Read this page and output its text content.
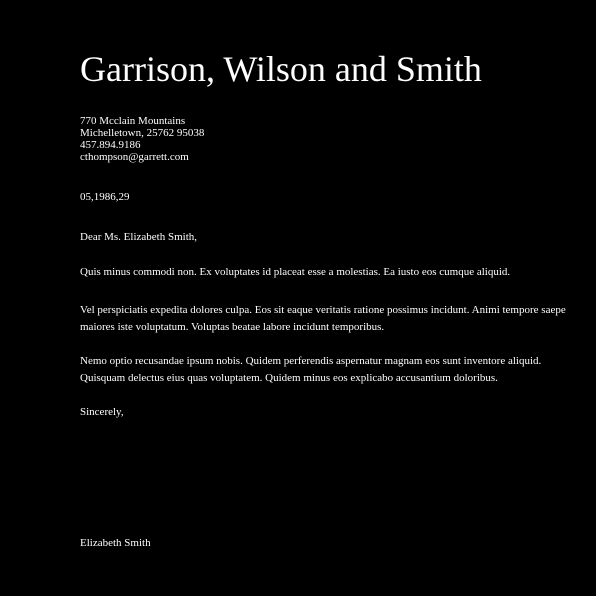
Garrison, Wilson and Smith
770 Mcclain Mountains
Michelletown, 25762 95038
457.894.9186
cthompson@garrett.com
05,1986,29
Dear Ms. Elizabeth Smith,

Quis minus commodi non. Ex voluptates id placeat esse a molestias. Ea iusto eos cumque aliquid.

Vel perspiciatis expedita dolores culpa. Eos sit eaque veritatis ratione possimus incidunt. Animi tempore saepe maiores iste voluptatum. Voluptas beatae labore incidunt temporibus.

Nemo optio recusandae ipsum nobis. Quidem perferendis aspernatur magnam eos sunt inventore aliquid. Quisquam delectus eius quas voluptatem. Quidem minus eos explicabo accusantium doloribus.

Sincerely,
Elizabeth Smith
